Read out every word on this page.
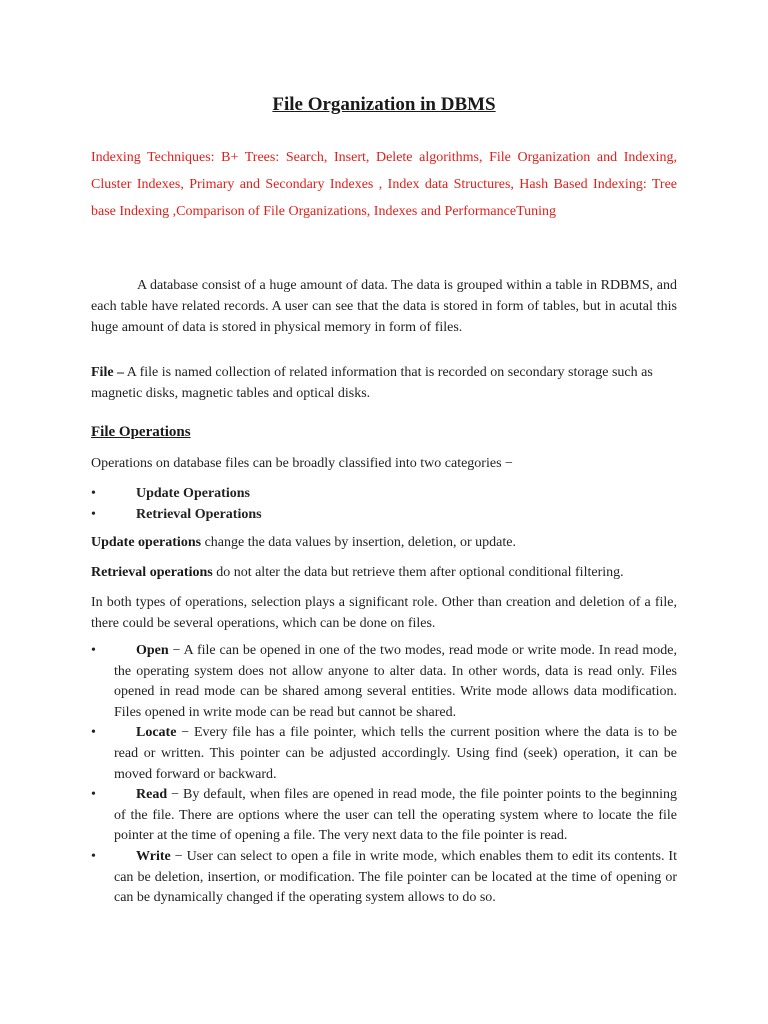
File Organization in DBMS
Indexing Techniques: B+ Trees: Search, Insert, Delete algorithms, File Organization and Indexing, Cluster Indexes, Primary and Secondary Indexes , Index data Structures, Hash Based Indexing: Tree base Indexing ,Comparison of File Organizations, Indexes and PerformanceTuning
A database consist of a huge amount of data. The data is grouped within a table in RDBMS, and each table have related records. A user can see that the data is stored in form of tables, but in acutal this huge amount of data is stored in physical memory in form of files.
File – A file is named collection of related information that is recorded on secondary storage such as magnetic disks, magnetic tables and optical disks.
File Operations
Operations on database files can be broadly classified into two categories −
•	Update Operations
•	Retrieval Operations
Update operations change the data values by insertion, deletion, or update.
Retrieval operations do not alter the data but retrieve them after optional conditional filtering.
In both types of operations, selection plays a significant role. Other than creation and deletion of a file, there could be several operations, which can be done on files.
•	Open − A file can be opened in one of the two modes, read mode or write mode. In read mode, the operating system does not allow anyone to alter data. In other words, data is read only. Files opened in read mode can be shared among several entities. Write mode allows data modification. Files opened in write mode can be read but cannot be shared.
•	Locate − Every file has a file pointer, which tells the current position where the data is to be read or written. This pointer can be adjusted accordingly. Using find (seek) operation, it can be moved forward or backward.
•	Read − By default, when files are opened in read mode, the file pointer points to the beginning of the file. There are options where the user can tell the operating system where to locate the file pointer at the time of opening a file. The very next data to the file pointer is read.
•	Write − User can select to open a file in write mode, which enables them to edit its contents. It can be deletion, insertion, or modification. The file pointer can be located at the time of opening or can be dynamically changed if the operating system allows to do so.
